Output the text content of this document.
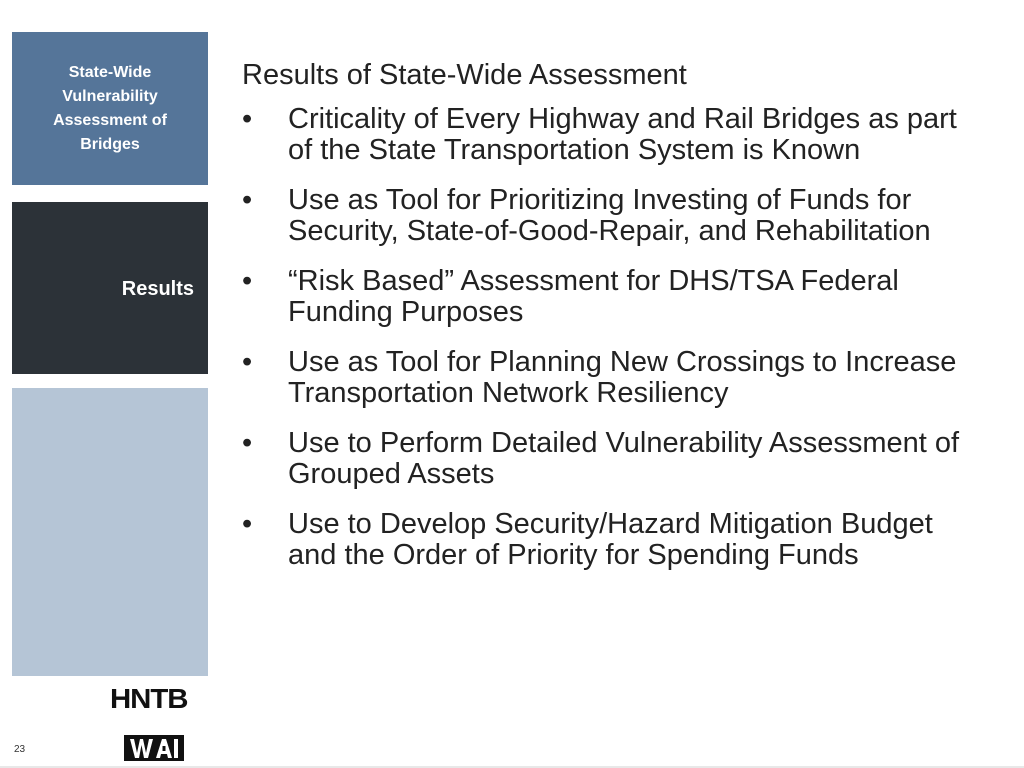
State-Wide Vulnerability Assessment of Bridges
Results
Results of State-Wide Assessment
•	Criticality of Every Highway and Rail Bridges as part of the State Transportation System is Known
•	Use as Tool for Prioritizing Investing of Funds for Security, State-of-Good-Repair, and Rehabilitation
•	“Risk Based” Assessment for DHS/TSA Federal Funding Purposes
•	Use as Tool for Planning New Crossings to Increase Transportation Network Resiliency
•	Use to Perform Detailed Vulnerability Assessment of Grouped Assets
•	Use to Develop Security/Hazard Mitigation Budget and the Order of Priority for Spending Funds
HNTB
23
